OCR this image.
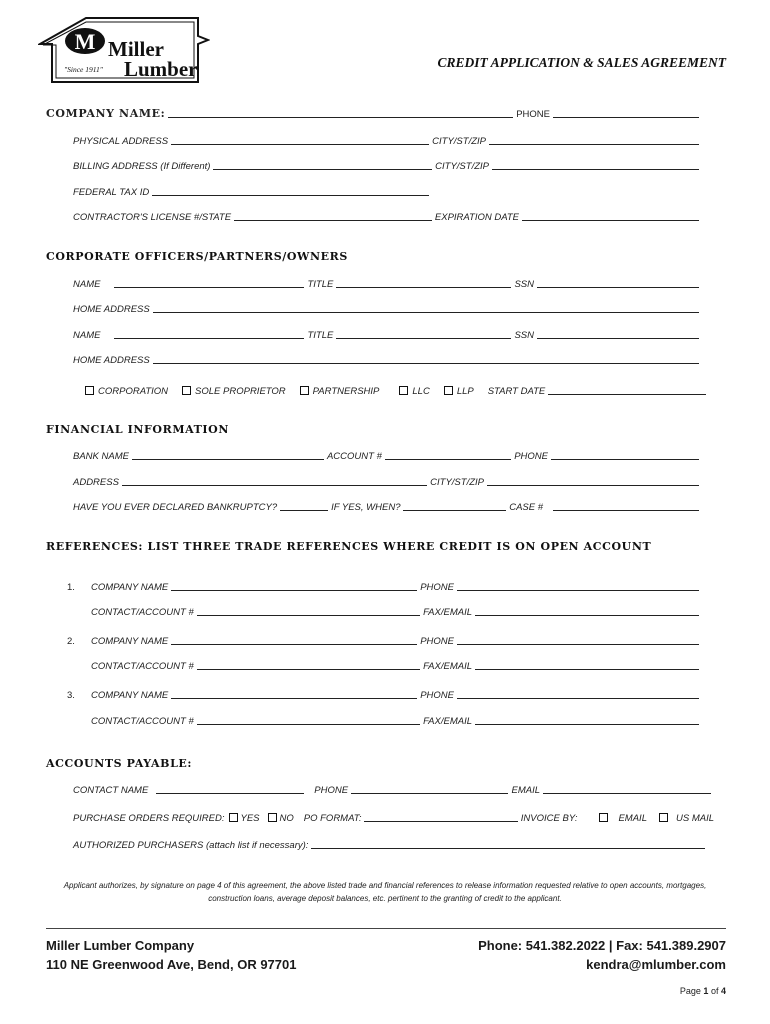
M Miller
Lumber
"Since 1911"	CREDIT APPLICATION & SALES AGREEMENT
COMPANY NAME:	PHONE
PHYSICAL ADDRESS	CITY/ST/ZIP
BILLING ADDRESS (If Different)	CITY/ST/ZIP
FEDERAL TAX ID
CONTRACTOR'S LICENSE #/STATE	EXPIRATION DATE
CORPORATE OFFICERS/PARTNERS/OWNERS
NAME	TITLE	SSN
HOME ADDRESS
NAME	TITLE	SSN
HOME ADDRESS
CORPORATION	SOLE PROPRIETOR	PARTNERSHIP	LLC	LLP START DATE
FINANCIAL INFORMATION
BANK NAME	ACCOUNT #	PHONE
ADDRESS	CITY/ST/ZIP
HAVE YOU EVER DECLARED BANKRUPTCY?	IF YES, WHEN?	CASE #
REFERENCES: LIST THREE TRADE REFERENCES WHERE CREDIT IS ON OPEN ACCOUNT
1.	COMPANY NAME	PHONE
CONTACT/ACCOUNT #	FAX/EMAIL
2.	COMPANY NAME	PHONE
CONTACT/ACCOUNT #	FAX/EMAIL
3.	COMPANY NAME	PHONE
CONTACT/ACCOUNT #	FAX/EMAIL
ACCOUNTS PAYABLE:
CONTACT NAME	PHONE	EMAIL
PURCHASE ORDERS REQUIRED: YES NO PO FORMAT:	INVOICE BY:	EMAIL	US MAIL
AUTHORIZED PURCHASERS (attach list if necessary):
Applicant authorizes, by signature on page 4 of this agreement, the above listed trade and financial references to release information requested relative to open accounts, mortgages, construction loans, average deposit balances, etc. pertinent to the granting of credit to the applicant.
Miller Lumber Company
110 NE Greenwood Ave, Bend, OR 97701
Phone: 541.382.2022 | Fax: 541.389.2907
kendra@mlumber.com
Page 1 of 4
